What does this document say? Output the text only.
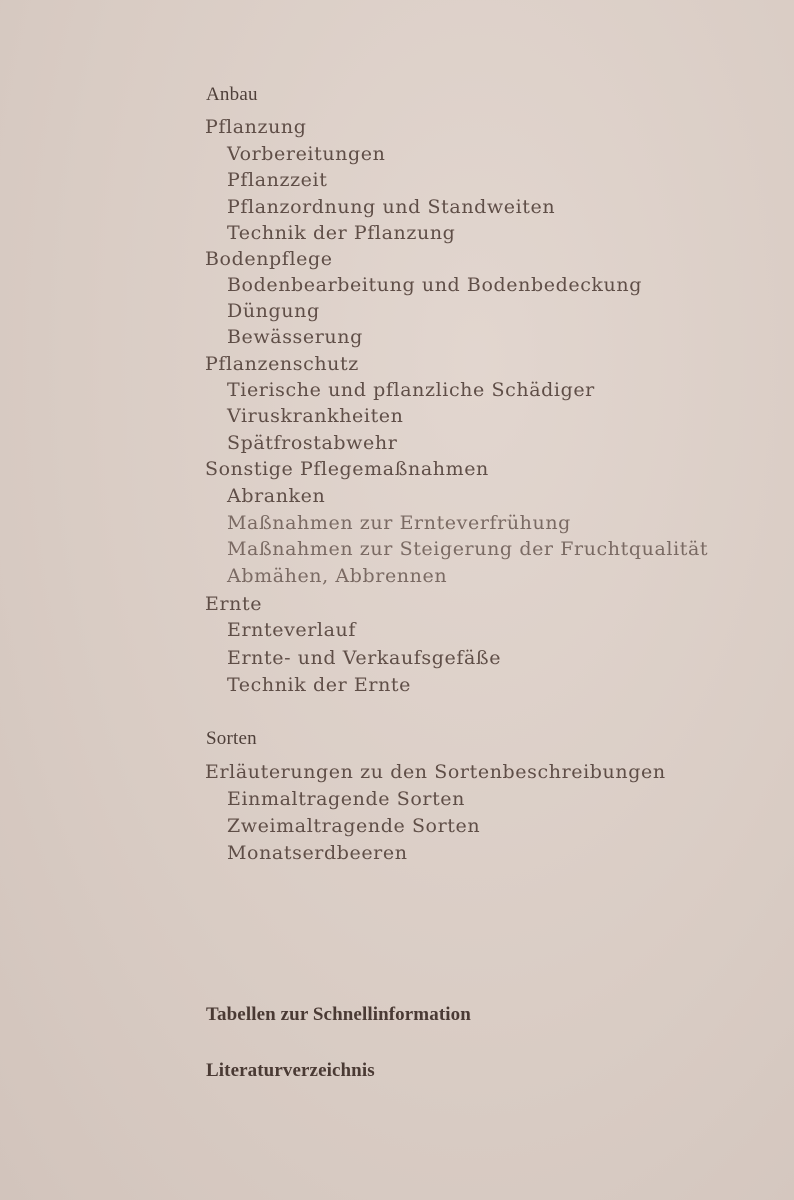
Anbau
Pflanzung
Vorbereitungen
Pflanzzeit
Pflanzordnung und Standweiten
Technik der Pflanzung
Bodenpflege
Bodenbearbeitung und Bodenbedeckung
Düngung
Bewässerung
Pflanzenschutz
Tierische und pflanzliche Schädiger
Viruskrankheiten
Spätfrostabwehr
Sonstige Pflegemaßnahmen
Abranken
Maßnahmen zur Ernteverfrühung
Maßnahmen zur Steigerung der Fruchtqualität
Abmähen, Abbrennen
Ernte
Ernteverlauf
Ernte- und Verkaufsgefäße
Technik der Ernte
Sorten
Erläuterungen zu den Sortenbeschreibungen
Einmaltragende Sorten
Zweimaltragende Sorten
Monatserdbeeren
Tabellen zur Schnellinformation
Literaturverzeichnis
